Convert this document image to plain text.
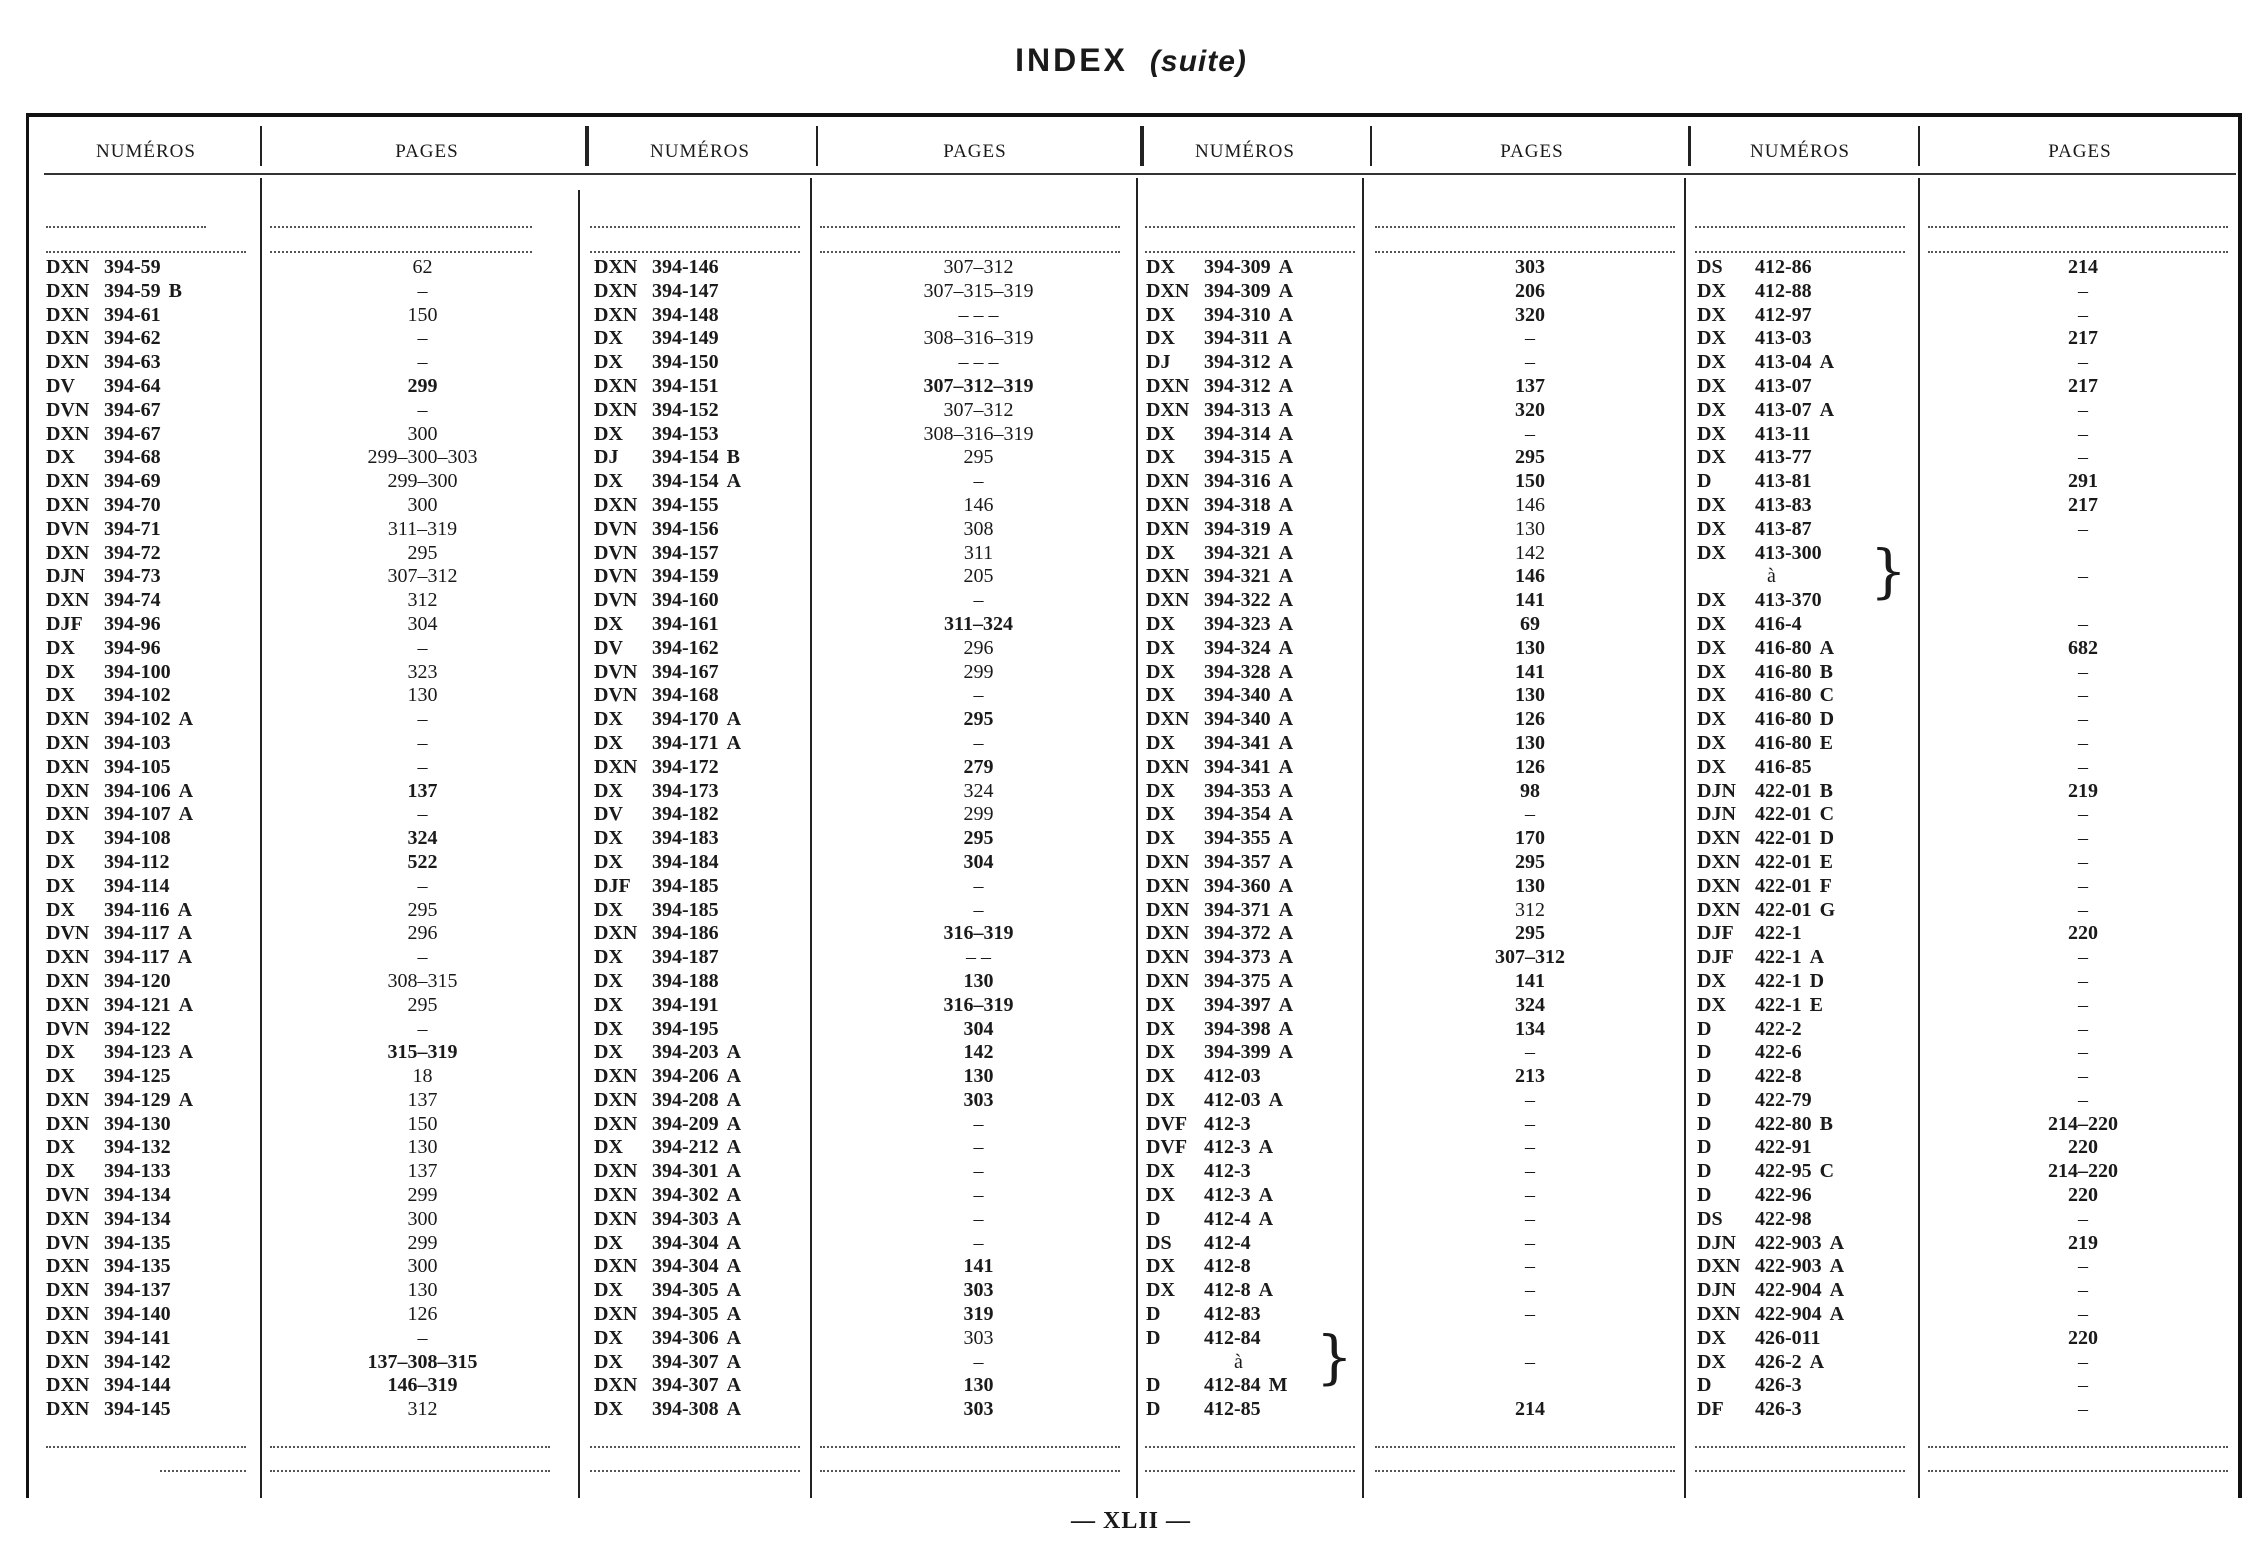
INDEX (suite)
NUMÉROS	PAGES	NUMÉROS	PAGES	NUMÉROS	PAGES	NUMÉROS	PAGES
DXN 394-59	62
DXN 394-59 B	–
DXN 394-61	150
DXN 394-62	–
DXN 394-63	–
DV 394-64	299
DVN 394-67	–
DXN 394-67	300
DX 394-68	299–300–303
DXN 394-69	299–300
DXN 394-70	300
DVN 394-71	311–319
DXN 394-72	295
DJN 394-73	307–312
DXN 394-74	312
DJF 394-96	304
DX 394-96	–
DX 394-100	323
DX 394-102	130
DXN 394-102 A	–
DXN 394-103	–
DXN 394-105	–
DXN 394-106 A	137
DXN 394-107 A	–
DX 394-108	324
DX 394-112	522
DX 394-114	–
DX 394-116 A	295
DVN 394-117 A	296
DXN 394-117 A	–
DXN 394-120	308–315
DXN 394-121 A	295
DVN 394-122	–
DX 394-123 A	315–319
DX 394-125	18
DXN 394-129 A	137
DXN 394-130	150
DX 394-132	130
DX 394-133	137
DVN 394-134	299
DXN 394-134	300
DVN 394-135	299
DXN 394-135	300
DXN 394-137	130
DXN 394-140	126
DXN 394-141	–
DXN 394-142	137–308–315
DXN 394-144	146–319
DXN 394-145	312
DXN 394-146	307–312
DXN 394-147	307–315–319
DXN 394-148	– – –
DX 394-149	308–316–319
DX 394-150	– – –
DXN 394-151	307–312–319
DXN 394-152	307–312
DX 394-153	308–316–319
DJ 394-154 B	295
DX 394-154 A	–
DXN 394-155	146
DVN 394-156	308
DVN 394-157	311
DVN 394-159	205
DVN 394-160	–
DX 394-161	311–324
DV 394-162	296
DVN 394-167	299
DVN 394-168	–
DX 394-170 A	295
DX 394-171 A	–
DXN 394-172	279
DX 394-173	324
DV 394-182	299
DX 394-183	295
DX 394-184	304
DJF 394-185	–
DX 394-185	–
DXN 394-186	316–319
DX 394-187	– –
DX 394-188	130
DX 394-191	316–319
DX 394-195	304
DX 394-203 A	142
DXN 394-206 A	130
DXN 394-208 A	303
DXN 394-209 A	–
DX 394-212 A	–
DXN 394-301 A	–
DXN 394-302 A	–
DXN 394-303 A	–
DX 394-304 A	–
DXN 394-304 A	141
DX 394-305 A	303
DXN 394-305 A	319
DX 394-306 A	303
DX 394-307 A	–
DXN 394-307 A	130
DX 394-308 A	303
DX 394-309 A	303
DXN 394-309 A	206
DX 394-310 A	320
DX 394-311 A	–
DJ 394-312 A	–
DXN 394-312 A	137
DXN 394-313 A	320
DX 394-314 A	–
DX 394-315 A	295
DXN 394-316 A	150
DXN 394-318 A	146
DXN 394-319 A	130
DX 394-321 A	142
DXN 394-321 A	146
DXN 394-322 A	141
DX 394-323 A	69
DX 394-324 A	130
DX 394-328 A	141
DX 394-340 A	130
DXN 394-340 A	126
DX 394-341 A	130
DXN 394-341 A	126
DX 394-353 A	98
DX 394-354 A	–
DX 394-355 A	170
DXN 394-357 A	295
DXN 394-360 A	130
DXN 394-371 A	312
DXN 394-372 A	295
DXN 394-373 A	307–312
DXN 394-375 A	141
DX 394-397 A	324
DX 394-398 A	134
DX 394-399 A	–
DX 412-03	213
DX 412-03 A	–
DVF 412-3	–
DVF 412-3 A	–
DX 412-3	–
DX 412-3 A	–
D 412-4 A	–
DS 412-4	–
DX 412-8	–
DX 412-8 A	–
D 412-83	–
D 412-84
à	–
D 412-84 M
D 412-85	214
DS 412-86	214
DX 412-88	–
DX 412-97	–
DX 413-03	217
DX 413-04 A	–
DX 413-07	217
DX 413-07 A	–
DX 413-11	–
DX 413-77	–
D 413-81	291
DX 413-83	217
DX 413-87	–
DX 413-300
à	–
DX 413-370
DX 416-4	–
DX 416-80 A	682
DX 416-80 B	–
DX 416-80 C	–
DX 416-80 D	–
DX 416-80 E	–
DX 416-85	–
DJN 422-01 B	219
DJN 422-01 C	–
DXN 422-01 D	–
DXN 422-01 E	–
DXN 422-01 F	–
DXN 422-01 G	–
DJF 422-1	220
DJF 422-1 A	–
DX 422-1 D	–
DX 422-1 E	–
D 422-2	–
D 422-6	–
D 422-8	–
D 422-79	–
D 422-80 B	214–220
D 422-91	220
D 422-95 C	214–220
D 422-96	220
DS 422-98	–
DJN 422-903 A	219
DXN 422-903 A	–
DJN 422-904 A	–
DXN 422-904 A	–
DX 426-011	220
DX 426-2 A	–
D 426-3	–
DF 426-3	–
}
}
— XLII —
